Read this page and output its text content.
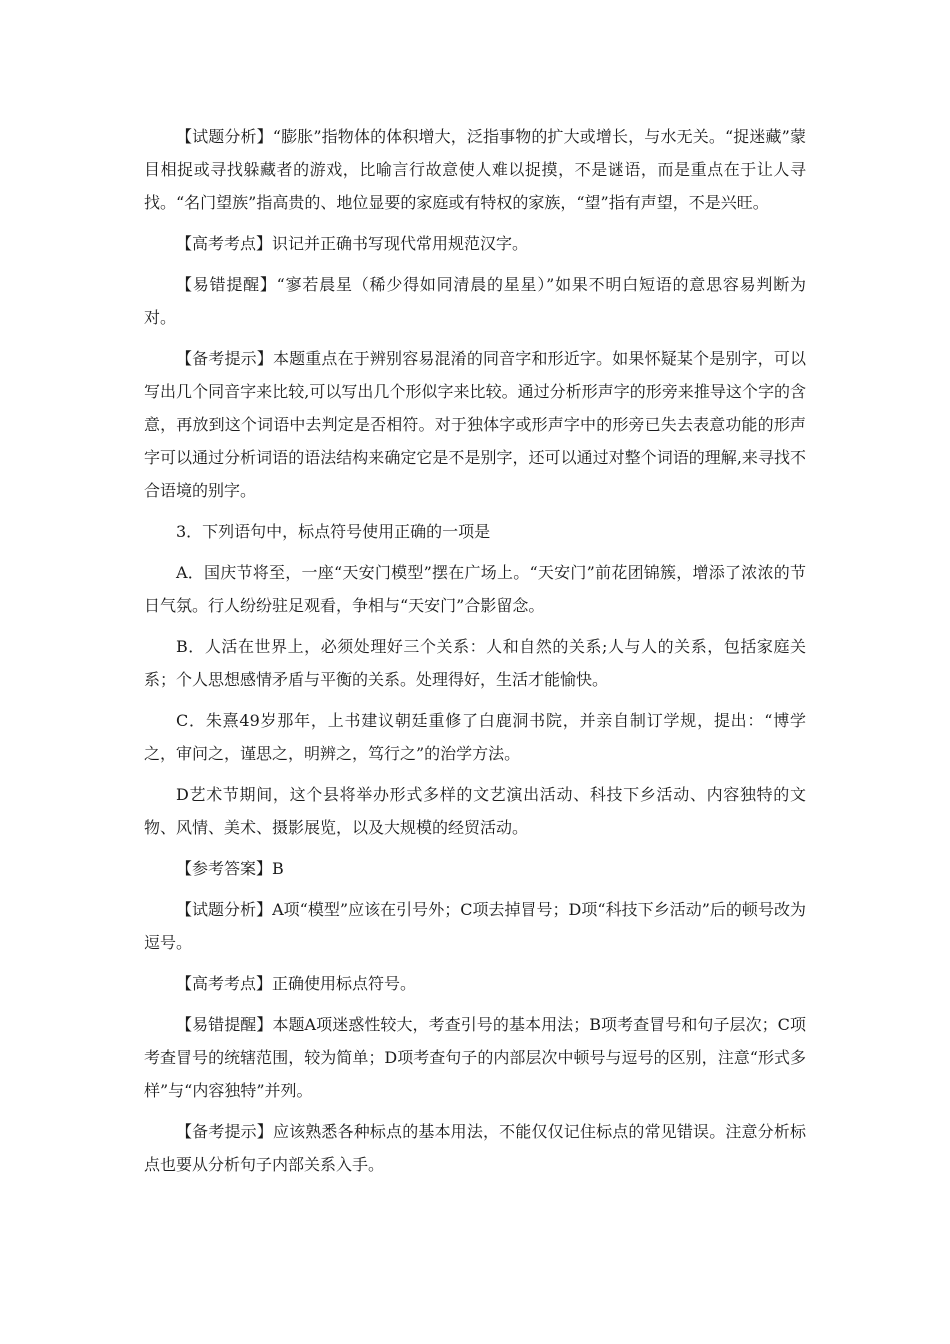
【试题分析】“膨胀”指物体的体积增大，泛指事物的扩大或增长，与水无关。“捉迷藏”蒙目相捉或寻找躲藏者的游戏，比喻言行故意使人难以捉摸，不是谜语，而是重点在于让人寻找。“名门望族”指高贵的、地位显要的家庭或有特权的家族，“望”指有声望，不是兴旺。

【高考考点】识记并正确书写现代常用规范汉字。

【易错提醒】“寥若晨星（稀少得如同清晨的星星）”如果不明白短语的意思容易判断为对。

【备考提示】本题重点在于辨别容易混淆的同音字和形近字。如果怀疑某个是别字，可以写出几个同音字来比较,可以写出几个形似字来比较。通过分析形声字的形旁来推导这个字的含意，再放到这个词语中去判定是否相符。对于独体字或形声字中的形旁已失去表意功能的形声字可以通过分析词语的语法结构来确定它是不是别字，还可以通过对整个词语的理解,来寻找不合语境的别字。

3．下列语句中，标点符号使用正确的一项是

A．国庆节将至，一座“天安门模型”摆在广场上。“天安门”前花团锦簇，增添了浓浓的节日气氛。行人纷纷驻足观看，争相与“天安门”合影留念。

B．人活在世界上，必须处理好三个关系：人和自然的关系;人与人的关系，包括家庭关系；个人思想感情矛盾与平衡的关系。处理得好，生活才能愉快。

C．朱熹49岁那年，上书建议朝廷重修了白鹿洞书院，并亲自制订学规，提出：“博学之，审问之，谨思之，明辨之，笃行之”的治学方法。

D艺术节期间，这个县将举办形式多样的文艺演出活动、科技下乡活动、内容独特的文物、风情、美术、摄影展览，以及大规模的经贸活动。

【参考答案】B

【试题分析】A项“模型”应该在引号外；C项去掉冒号；D项“科技下乡活动”后的顿号改为逗号。

【高考考点】正确使用标点符号。

【易错提醒】本题A项迷惑性较大，考查引号的基本用法；B项考查冒号和句子层次；C项考查冒号的统辖范围，较为简单；D项考查句子的内部层次中顿号与逗号的区别，注意“形式多样”与“内容独特”并列。

【备考提示】应该熟悉各种标点的基本用法，不能仅仅记住标点的常见错误。注意分析标点也要从分析句子内部关系入手。
